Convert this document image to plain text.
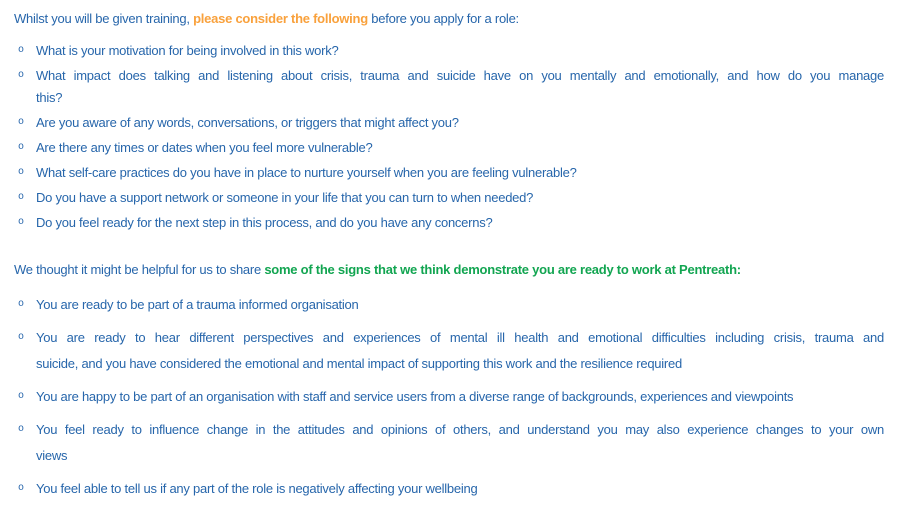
Whilst you will be given training, please consider the following before you apply for a role:

o What is your motivation for being involved in this work?
o What impact does talking and listening about crisis, trauma and suicide have on you mentally and emotionally, and how do you manage
this?
o Are you aware of any words, conversations, or triggers that might affect you?
o Are there any times or dates when you feel more vulnerable?
o What self-care practices do you have in place to nurture yourself when you are feeling vulnerable?
o Do you have a support network or someone in your life that you can turn to when needed?
o Do you feel ready for the next step in this process, and do you have any concerns?

We thought it might be helpful for us to share some of the signs that we think demonstrate you are ready to work at Pentreath:

o You are ready to be part of a trauma informed organisation
o You are ready to hear different perspectives and experiences of mental ill health and emotional difficulties including crisis, trauma and
suicide, and you have considered the emotional and mental impact of supporting this work and the resilience required
o You are happy to be part of an organisation with staff and service users from a diverse range of backgrounds, experiences and viewpoints
o You feel ready to influence change in the attitudes and opinions of others, and understand you may also experience changes to your own
views
o You feel able to tell us if any part of the role is negatively affecting your wellbeing
